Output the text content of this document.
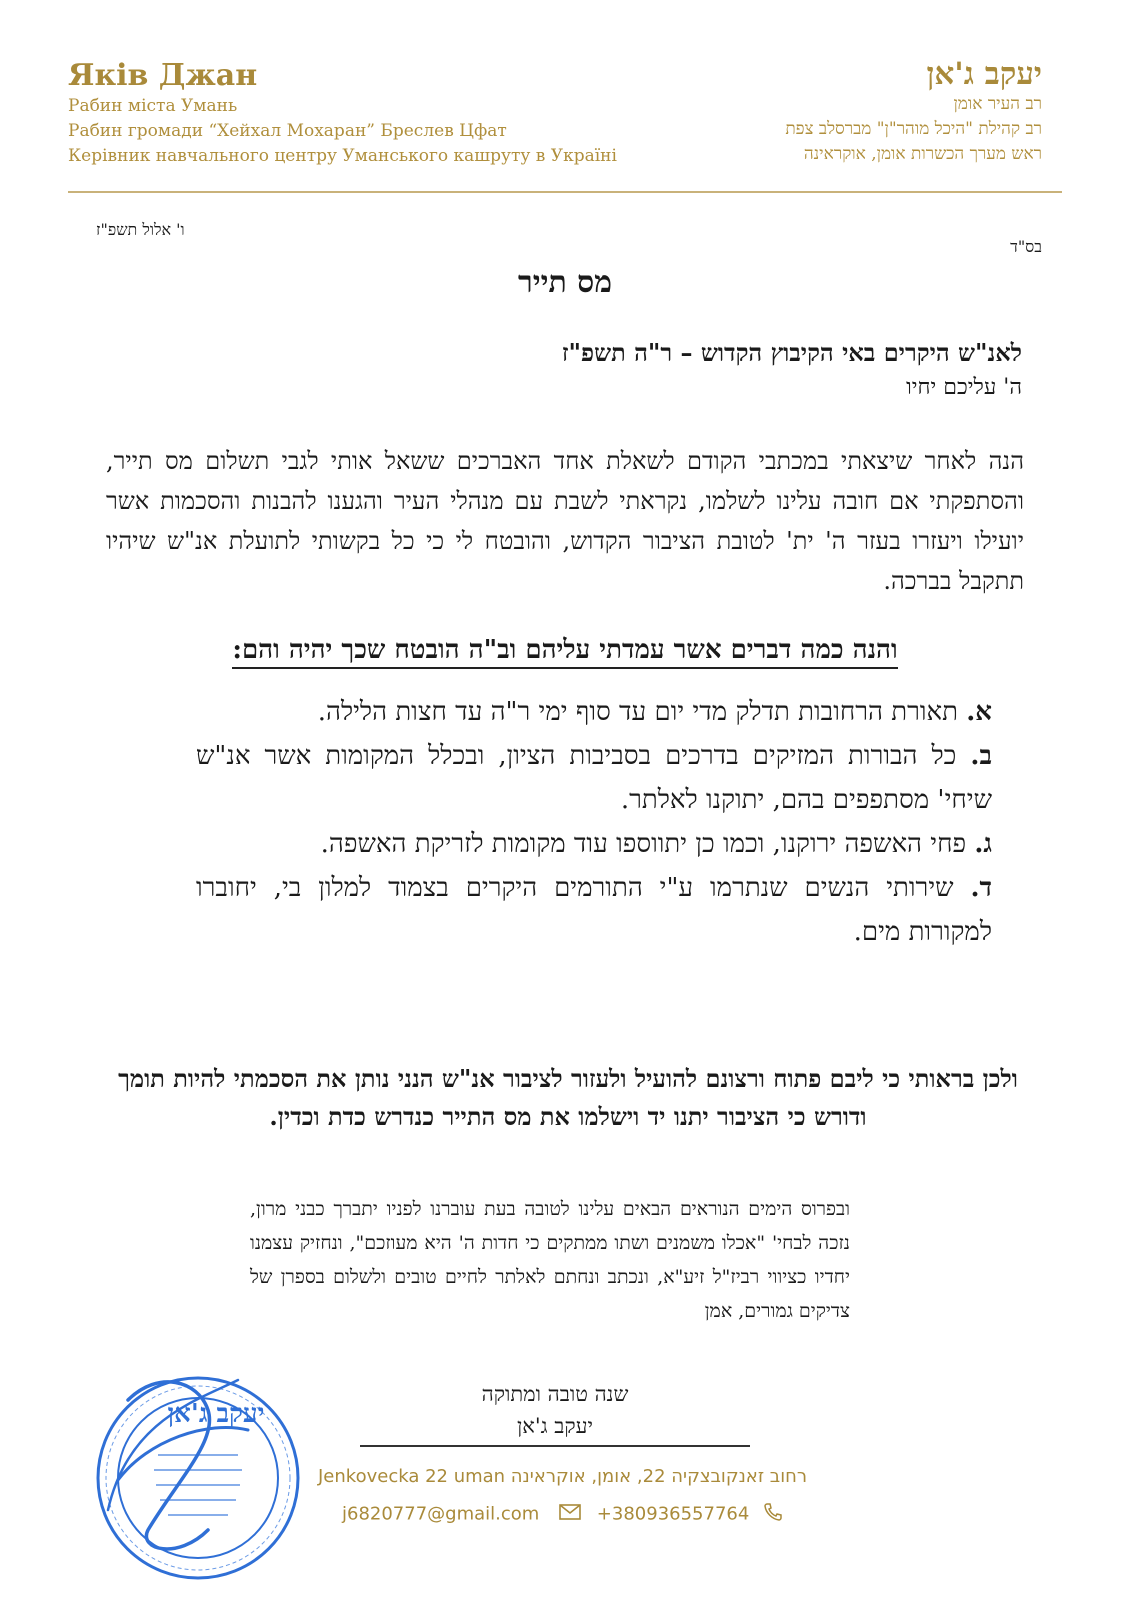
Яків Джан
Рабин міста Умань
Рабин громади “Хейхал Мохаран” Бреслев Цфат
Керівник навчального центру Уманського кашруту в Україні
יעקב ג'אן
רב העיר אומן
רב קהילת "היכל מוהר"ן" מברסלב צפת
ראש מערך הכשרות אומן, אוקראינה
ו' אלול תשפ"ז
בס"ד
מס תייר
לאנ"ש היקרים באי הקיבוץ הקדוש – ר"ה תשפ"ז
ה' עליכם יחיו
הנה לאחר שיצאתי במכתבי הקודם לשאלת אחד האברכים ששאל אותי לגבי תשלום מס תייר, והסתפקתי אם חובה עלינו לשלמו, נקראתי לשבת עם מנהלי העיר והגענו להבנות והסכמות אשר יועילו ויעזרו בעזר ה' ית' לטובת הציבור הקדוש, והובטח לי כי כל בקשותי לתועלת אנ"ש שיהיו תתקבל בברכה.
והנה כמה דברים אשר עמדתי עליהם וב"ה הובטח שכך יהיה והם:
א. תאורת הרחובות תדלק מדי יום עד סוף ימי ר"ה עד חצות הלילה.
ב. כל הבורות המזיקים בדרכים בסביבות הציון, ובכלל המקומות אשר אנ"ש שיחי' מסתפפים בהם, יתוקנו לאלתר.
ג. פחי האשפה ירוקנו, וכמו כן יתווספו עוד מקומות לזריקת האשפה.
ד. שירותי הנשים שנתרמו ע"י התורמים היקרים בצמוד למלון בי, יחוברו למקורות מים.
ולכן בראותי כי ליבם פתוח ורצונם להועיל ולעזור לציבור אנ"ש הנני נותן את הסכמתי להיות תומך ודורש כי הציבור יתנו יד וישלמו את מס התייר כנדרש כדת וכדין.
ובפרוס הימים הנוראים הבאים עלינו לטובה בעת עוברנו לפניו יתברך כבני מרון, נזכה לבחי' "אכלו משמנים ושתו ממתקים כי חדות ה' היא מעוזכם", ונחזיק עצמנו יחדיו כציווי רביז"ל זיע"א, ונכתב ונחתם לאלתר לחיים טובים ולשלום בספרן של צדיקים גמורים, אמן
שנה טובה ומתוקה
יעקב ג'אן
יעקב ג'אן
Jenkovecka 22 uman רחוב זאנקובצקיה 22, אומן, אוקראינה
j6820777@gmail.com	+380936557764
